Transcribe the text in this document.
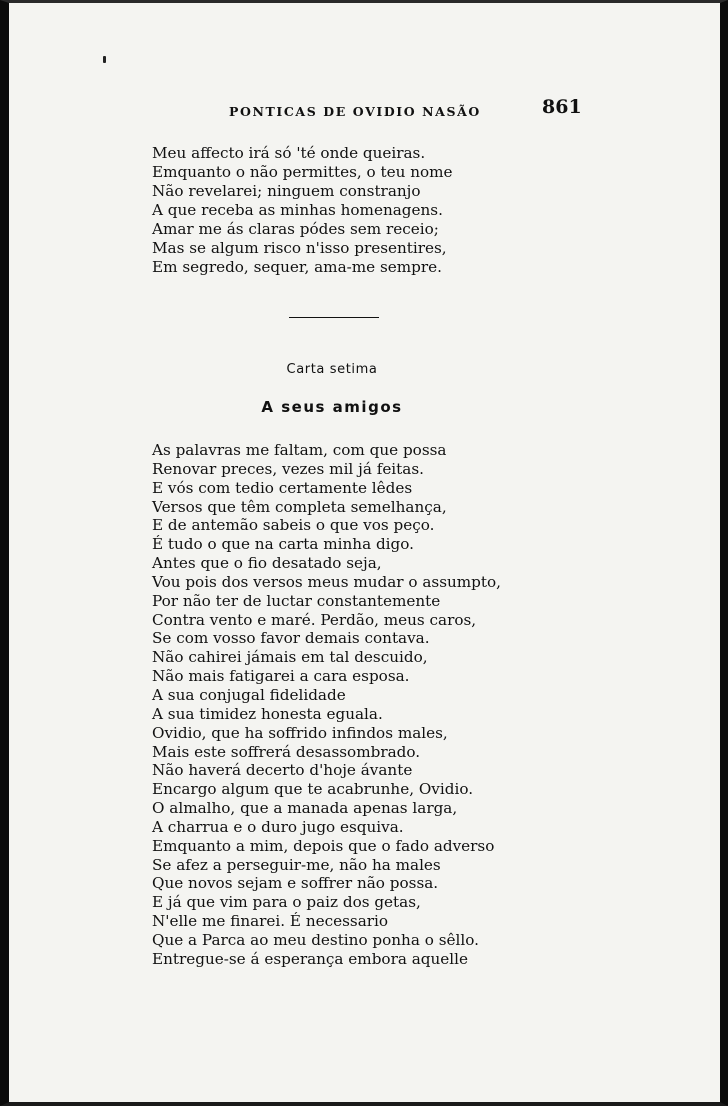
PONTICAS DE OVIDIO NASÃO	861
Meu affecto irá só 'té onde queiras.
Emquanto o não permittes, o teu nome
Não revelarei; ninguem constranjo
A que receba as minhas homenagens.
Amar me ás claras pódes sem receio;
Mas se algum risco n'isso presentires,
Em segredo, sequer, ama-me sempre.
Carta setima
A seus amigos
As palavras me faltam, com que possa
Renovar preces, vezes mil já feitas.
E vós com tedio certamente lêdes
Versos que têm completa semelhança,
E de antemão sabeis o que vos peço.
É tudo o que na carta minha digo.
Antes que o fio desatado seja,
Vou pois dos versos meus mudar o assumpto,
Por não ter de luctar constantemente
Contra vento e maré. Perdão, meus caros,
Se com vosso favor demais contava.
Não cahirei jámais em tal descuido,
Não mais fatigarei a cara esposa.
A sua conjugal fidelidade
A sua timidez honesta eguala.
Ovidio, que ha soffrido infindos males,
Mais este soffrerá desassombrado.
Não haverá decerto d'hoje ávante
Encargo algum que te acabrunhe, Ovidio.
O almalho, que a manada apenas larga,
A charrua e o duro jugo esquiva.
Emquanto a mim, depois que o fado adverso
Se afez a perseguir-me, não ha males
Que novos sejam e soffrer não possa.
E já que vim para o paiz dos getas,
N'elle me finarei. É necessario
Que a Parca ao meu destino ponha o sêllo.
Entregue-se á esperança embora aquelle
